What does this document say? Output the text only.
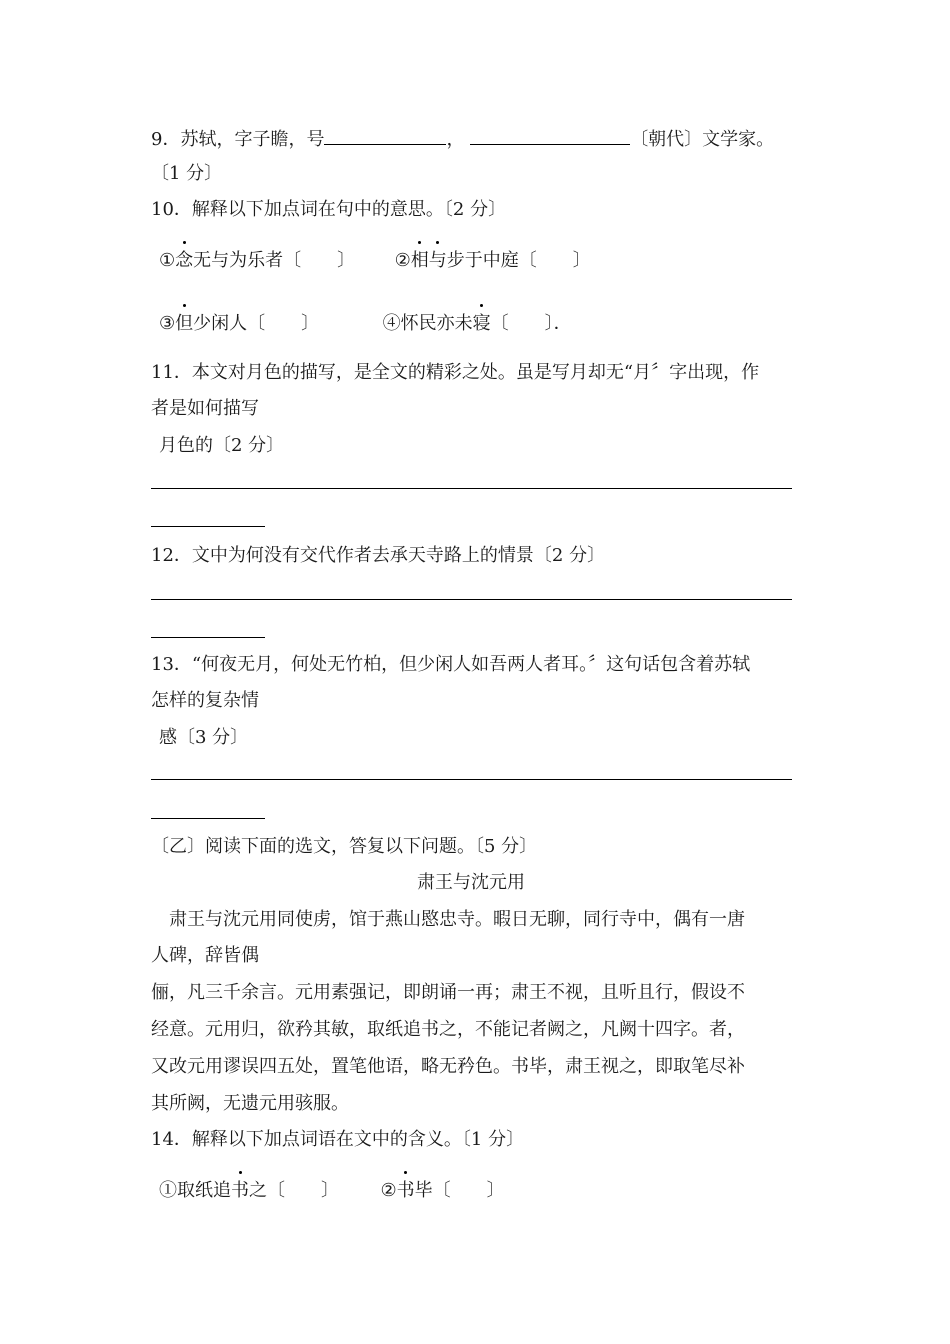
9．苏轼，字子瞻，号	，	〔朝代〕文学家。
〔1 分〕
10．解释以下加点词在句中的意思。〔2 分〕
①念无与为乐者〔　　〕 ②相与步于中庭〔　　〕
③但少闲人〔　　〕	④怀民亦未寝〔　　〕．
11．本文对月色的描写，是全文的精彩之处。虽是写月却无“月〞字出现，作
者是如何描写
月色的〔2 分〕
12．文中为何没有交代作者去承天寺路上的情景〔2 分〕
13．“何夜无月，何处无竹柏，但少闲人如吾两人者耳。〞这句话包含着苏轼
怎样的复杂情
感〔3 分〕
〔乙〕阅读下面的选文，答复以下问题。〔5 分〕
肃王与沈元用
肃王与沈元用同使虏，馆于燕山愍忠寺。暇日无聊，同行寺中，偶有一唐
人碑，辞皆偶
俪，凡三千余言。元用素强记，即朗诵一再；肃王不视，且听且行，假设不
经意。元用归，欲矜其敏，取纸追书之，不能记者阙之，凡阙十四字。者，
又改元用谬误四五处，置笔他语，略无矜色。书毕，肃王视之，即取笔尽补
其所阙，无遗元用骇服。
14．解释以下加点词语在文中的含义。〔1 分〕
①取纸追书之〔　　〕 ②书毕〔　　〕
